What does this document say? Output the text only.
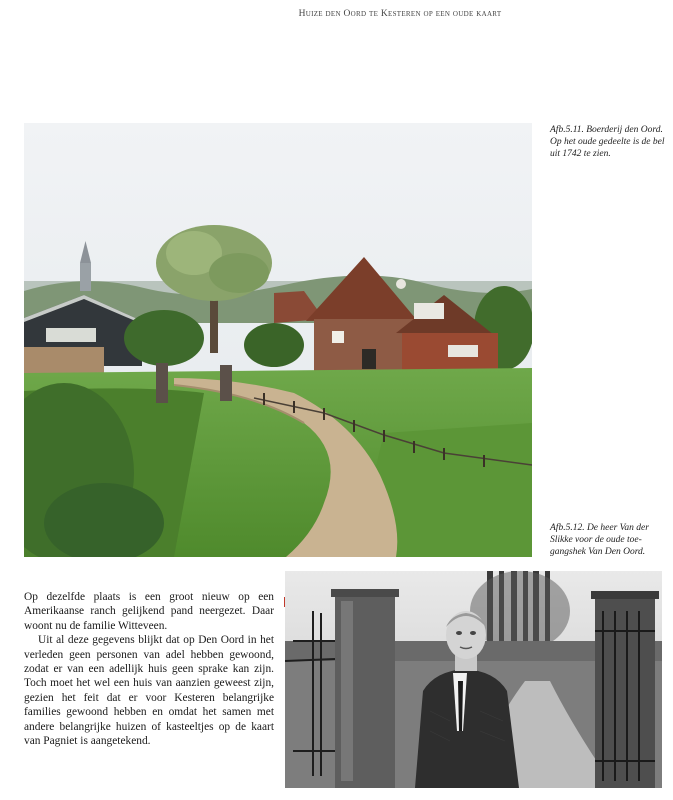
Huize den Oord te Kesteren op een oude kaart
Afb.5.11. Boerderij den Oord. Op het oude gedeelte is de bel uit 1742 te zien.
Afb.5.12. De heer Van der Slikke voor de oude toegangshek Van Den Oord.

Op dezelfde plaats is een groot nieuw op een Amerikaanse ranch gelijkend pand neergezet. Daar woont nu de familie Witteveen.

Uit al deze gegevens blijkt dat op Den Oord in het verleden geen personen van adel hebben gewoond, zodat er van een adellijk huis geen sprake kan zijn. Toch moet het wel een huis van aanzien geweest zijn, gezien het feit dat er voor Kesteren belangrijke families gewoond hebben en omdat het samen met andere belangrijke huizen of kasteeltjes op de kaart van Pagniet is aangetekend.
